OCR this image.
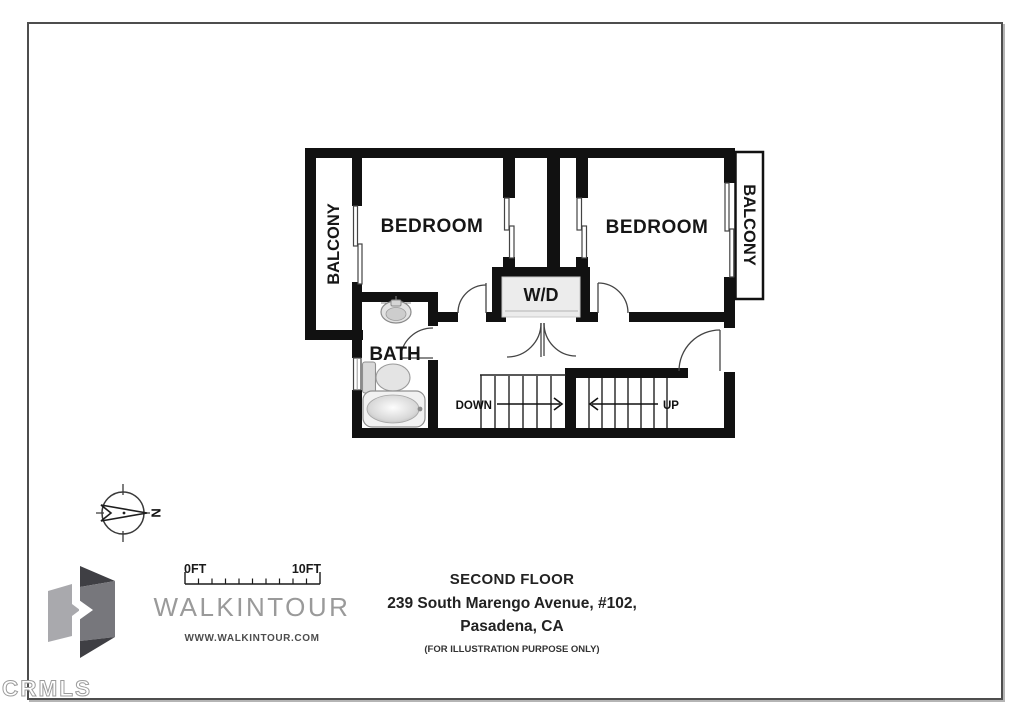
DOWN	UP
BEDROOM	BEDROOM
BALCONY	BALCONY
BATH
W/D
N
0FT	10FT
CRMLS
SECOND FLOOR
239 South Marengo Avenue, #102,
Pasadena, CA
(FOR ILLUSTRATION PURPOSE ONLY)
WALKINTOUR
WWW.WALKINTOUR.COM
